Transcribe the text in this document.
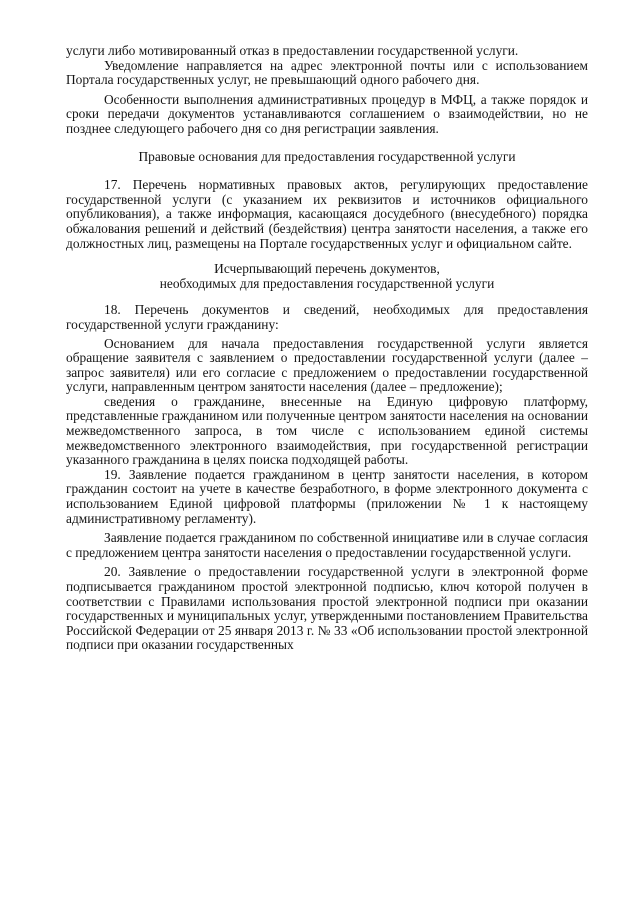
услуги либо мотивированный отказ в предоставлении государственной услуги.

Уведомление направляется на адрес электронной почты или с использованием Портала государственных услуг, не превышающий одного рабочего дня.

Особенности выполнения административных процедур в МФЦ, а также порядок и сроки передачи документов устанавливаются соглашением о взаимодействии, но не позднее следующего рабочего дня со дня регистрации заявления.

Правовые основания для предоставления государственной услуги

17. Перечень нормативных правовых актов, регулирующих предоставление государственной услуги (с указанием их реквизитов и источников официального опубликования), а также информация, касающаяся досудебного (внесудебного) порядка обжалования решений и действий (бездействия) центра занятости населения, а также его должностных лиц, размещены на Портале государственных услуг и официальном сайте.

Исчерпывающий перечень документов,

необходимых для предоставления государственной услуги

18. Перечень документов и сведений, необходимых для предоставления государственной услуги гражданину:

Основанием для начала предоставления государственной услуги является обращение заявителя с заявлением о предоставлении государственной услуги (далее – запрос заявителя) или его согласие с предложением о предоставлении государственной услуги, направленным центром занятости населения (далее – предложение);

сведения о гражданине, внесенные на Единую цифровую платформу, представленные гражданином или полученные центром занятости населения на основании межведомственного запроса, в том числе с использованием единой системы межведомственного электронного взаимодействия, при государственной регистрации указанного гражданина в целях поиска подходящей работы.

19. Заявление подается гражданином в центр занятости населения, в котором гражданин состоит на учете в качестве безработного, в форме электронного документа с использованием Единой цифровой платформы (приложении № 1 к настоящему административному регламенту).

Заявление подается гражданином по собственной инициативе или в случае согласия с предложением центра занятости населения о предоставлении государственной услуги.

20. Заявление о предоставлении государственной услуги в электронной форме подписывается гражданином простой электронной подписью, ключ которой получен в соответствии с Правилами использования простой электронной подписи при оказании государственных и муниципальных услуг, утвержденными постановлением Правительства Российской Федерации от 25 января 2013 г. № 33 «Об использовании простой электронной подписи при оказании государственных
